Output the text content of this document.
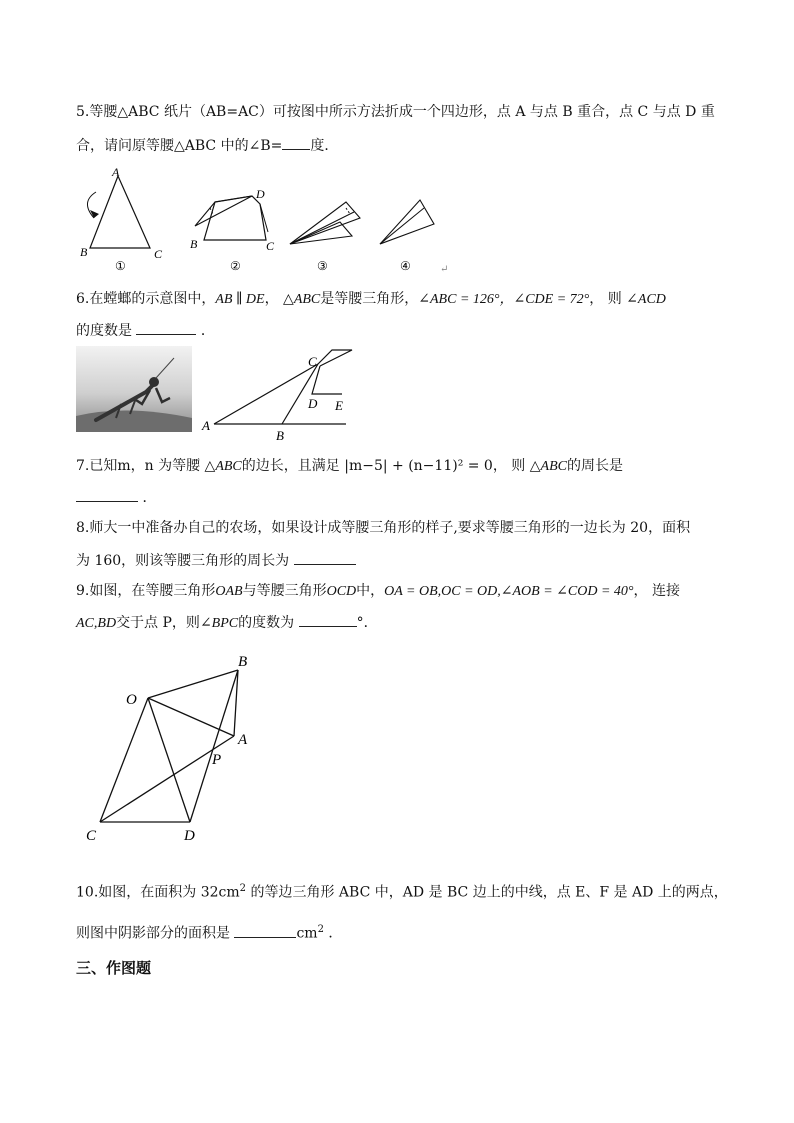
5.等腰△ABC 纸片（AB=AC）可按图中所示方法折成一个四边形，点 A 与点 B 重合，点 C 与点 D 重
合，请问原等腰△ABC 中的∠B= 度．
A
B	C
①
D
B	C
②	③	④	↵
6.在螳螂的示意图中，AB ∥ DE， △ABC是等腰三角形，∠ABC = 126°，∠CDE = 72°， 则 ∠ACD
的度数是	．
C
D E
A
B
7.已知m，n 为等腰 △ABC的边长，且满足 |m−5| + (n−11)² = 0， 则 △ABC的周长是
．
8.师大一中准备办自己的农场，如果设计成等腰三角形的样子,要求等腰三角形的一边长为 20，面积
为 160，则该等腰三角形的周长为
9.如图，在等腰三角形OAB与等腰三角形OCD中，OA = OB,OC = OD,∠AOB = ∠COD = 40°， 连接
AC,BD交于点 P，则∠BPC的度数为	°．
O
B
A
P
C	D
10.如图，在面积为 $32cm^2$ 的等边三角形 ABC 中，AD 是 BC 边上的中线，点 E、F 是 AD 上的两点，
则图中阴影部分的面积是	$cm^2$ ．
三、作图题
